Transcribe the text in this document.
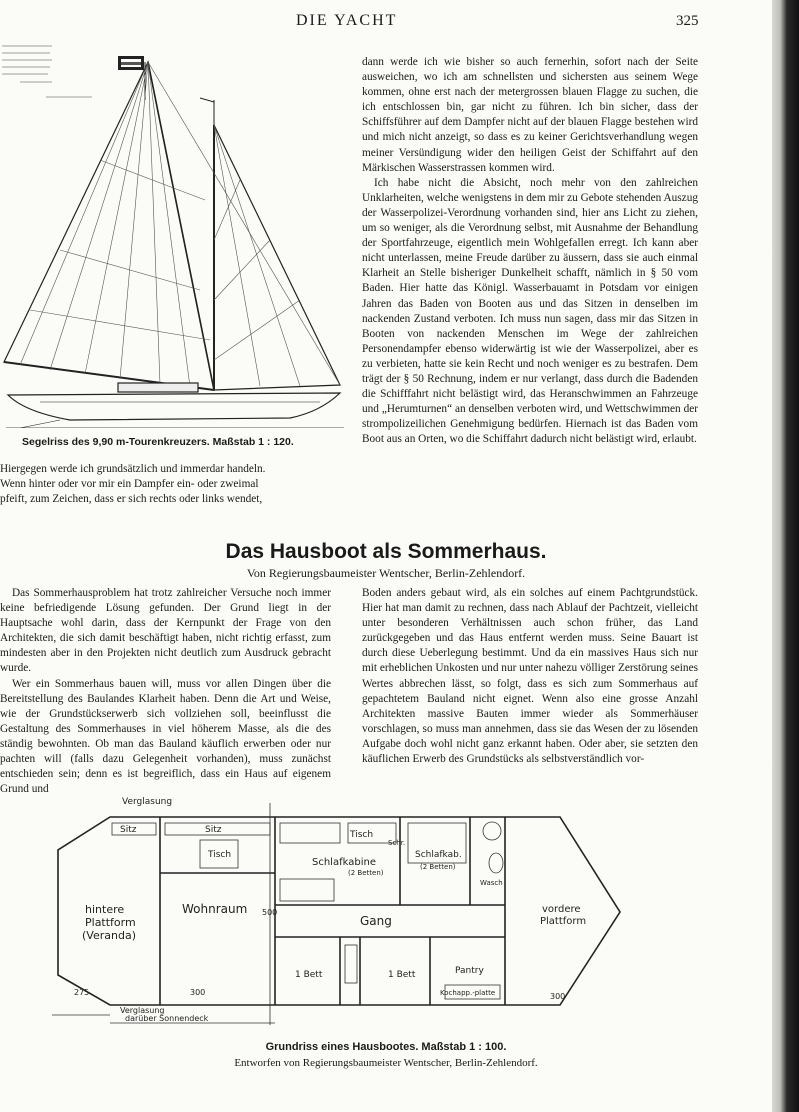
DIE YACHT	325
Segelriss des 9,90 m-Tourenkreuzers. Maßstab 1 : 120.

Hiergegen werde ich grundsätzlich und immerdar handeln.

Wenn hinter oder vor mir ein Dampfer ein- oder zweimal

pfeift, zum Zeichen, dass er sich rechts oder links wendet,

dann werde ich wie bisher so auch fernerhin, sofort nach der Seite ausweichen, wo ich am schnellsten und sichersten aus seinem Wege kommen, ohne erst nach der metergrossen blauen Flagge zu suchen, die ich entschlossen bin, gar nicht zu führen. Ich bin sicher, dass der Schiffsführer auf dem Dampfer nicht auf der blauen Flagge bestehen wird und mich nicht anzeigt, so dass es zu keiner Gerichtsverhandlung wegen meiner Versündigung wider den heiligen Geist der Schiffahrt auf den Märkischen Wasserstrassen kommen wird.

Ich habe nicht die Absicht, noch mehr von den zahlreichen Unklarheiten, welche wenigstens in dem mir zu Gebote stehenden Auszug der Wasserpolizei-Verordnung vorhanden sind, hier ans Licht zu ziehen, um so weniger, als die Verordnung selbst, mit Ausnahme der Behandlung der Sportfahrzeuge, eigentlich mein Wohlgefallen erregt. Ich kann aber nicht unterlassen, meine Freude darüber zu äussern, dass sie auch einmal Klarheit an Stelle bisheriger Dunkelheit schafft, nämlich in § 50 vom Baden. Hier hatte das Königl. Wasserbauamt in Potsdam vor einigen Jahren das Baden von Booten aus und das Sitzen in denselben im nackenden Zustand verboten. Ich muss nun sagen, dass mir das Sitzen in Booten von nackenden Menschen im Wege der zahlreichen Personendampfer ebenso widerwärtig ist wie der Wasserpolizei, aber es zu verbieten, hatte sie kein Recht und noch weniger es zu bestrafen. Dem trägt der § 50 Rechnung, indem er nur verlangt, dass durch die Badenden die Schifffahrt nicht belästigt wird, das Heranschwimmen an Fahrzeuge und „Herumturnen“ an denselben verboten wird, und Wettschwimmen der strompolizeilichen Genehmigung bedürfen. Hiernach ist das Baden vom Boot aus an Orten, wo die Schiffahrt dadurch nicht belästigt wird, erlaubt.

Das Hausboot als Sommerhaus.
Von Regierungsbaumeister Wentscher, Berlin-Zehlendorf.

Das Sommerhausproblem hat trotz zahlreicher Versuche noch immer keine befriedigende Lösung gefunden. Der Grund liegt in der Hauptsache wohl darin, dass der Kernpunkt der Frage von den Architekten, die sich damit beschäftigt haben, nicht richtig erfasst, zum mindesten aber in den Projekten nicht deutlich zum Ausdruck gebracht wurde.

Wer ein Sommerhaus bauen will, muss vor allen Dingen über die Bereitstellung des Baulandes Klarheit haben. Denn die Art und Weise, wie der Grundstückserwerb sich vollziehen soll, beeinflusst die Gestaltung des Sommerhauses in viel höherem Masse, als die des ständig bewohnten. Ob man das Bauland käuflich erwerben oder nur pachten will (falls dazu Gelegenheit vorhanden), muss zunächst entschieden sein; denn es ist begreiflich, dass ein Haus auf eigenem Grund und

Boden anders gebaut wird, als ein solches auf einem Pachtgrundstück. Hier hat man damit zu rechnen, dass nach Ablauf der Pachtzeit, vielleicht unter besonderen Verhältnissen auch schon früher, das Land zurückgegeben und das Haus entfernt werden muss. Seine Bauart ist durch diese Ueberlegung bestimmt. Und da ein massives Haus sich nur mit erheblichen Unkosten und nur unter nahezu völliger Zerstörung seines Wertes abbrechen lässt, so folgt, dass es sich zum Sommerhaus auf gepachtetem Bauland nicht eignet. Wenn also eine grosse Anzahl Architekten massive Bauten immer wieder als Sommerhäuser vorschlagen, so muss man annehmen, dass sie das Wesen der zu lösenden Aufgabe doch wohl nicht ganz erkannt haben. Oder aber, sie setzten den käuflichen Erwerb des Grundstücks als selbstverständlich vor-

Verglasung
Sitz	Sitz
Tisch
Tisch
hintere
Plattform
(Veranda)
Wohnraum
Schlafkabine
(2 Betten)
Schlafkab.
(2 Betten)
Schr.
Gang
1 Bett	1 Bett	Pantry
Kochapp.-platte
Wasch
vordere
Plattform
Verglasung
darüber Sonnendeck
300
275
500
300
Grundriss eines Hausbootes. Maßstab 1 : 100.
Entworfen von Regierungsbaumeister Wentscher, Berlin-Zehlendorf.
